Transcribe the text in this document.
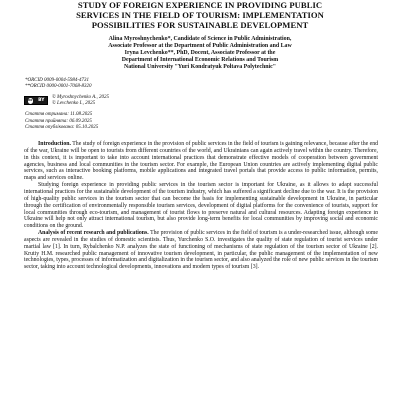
STUDY OF FOREIGN EXPERIENCE IN PROVIDING PUBLIC
SERVICES IN THE FIELD OF TOURISM: IMPLEMENTATION
POSSIBILITIES FOR SUSTAINABLE DEVELOPMENT
Alina Myroshnychenko*, Candidate of Science in Public Administration,
Associate Professor at the Department of Public Administration and Law
Iryna Levchenko**, PhD, Docent, Associate Professor at the
Department of International Economic Relations and Tourism
National University "Yuri Kondratyuk Poltava Polytechnic"
*ORCID 0009-0004-5984-4731
**ORCID 0000-0001-7068-8320
cc BY
© Myroshnychenko A., 2025
© Levchenko I., 2025
Стаття отримана: 11.08.2025
Стаття прийнята: 06.09.2025
Стаття опублікована: 05.10.2025

Introduction. The study of foreign experience in the provision of public services in the field of tourism is gaining relevance, because after the end of the war, Ukraine will be open to tourists from different countries of the world, and Ukrainians can again actively travel within the country. Therefore, in this context, it is important to take into account international practices that demonstrate effective models of cooperation between government agencies, business and local communities in the tourism sector. For example, the European Union countries are actively implementing digital public services, such as interactive booking platforms, mobile applications and integrated travel portals that provide access to public information, permits, maps and services online.

Studying foreign experience in providing public services in the tourism sector is important for Ukraine, as it allows to adapt successful international practices for the sustainable development of the tourism industry, which has suffered a significant decline due to the war. It is the provision of high-quality public services in the tourism sector that can become the basis for implementing sustainable development in Ukraine, in particular through the certification of environmentally responsible tourism services, development of digital platforms for the convenience of tourists, support for local communities through eco-tourism, and management of tourist flows to preserve natural and cultural resources. Adapting foreign experience in Ukraine will help not only attract international tourism, but also provide long-term benefits for local communities by improving social and economic conditions on the ground.

Analysis of recent research and publications. The provision of public services in the field of tourism is a under-researched issue, although some aspects are revealed in the studies of domestic scientists. Thus, Yurchenko S.O. investigates the quality of state regulation of tourist services under martial law [1]. In turn, Rybalchenko N.P. analyzes the state of functioning of mechanisms of state regulation of the tourism sector of Ukraine [2]. Krutiy H.M. researched public management of innovative tourism development, in particular, the public management of the implementation of new technologies, types, processes of informatization and digitalization in the tourism sector, and also analyzed the role of new public services in the tourism sector, taking into account technological developments, innovations and modern types of tourism [3].
